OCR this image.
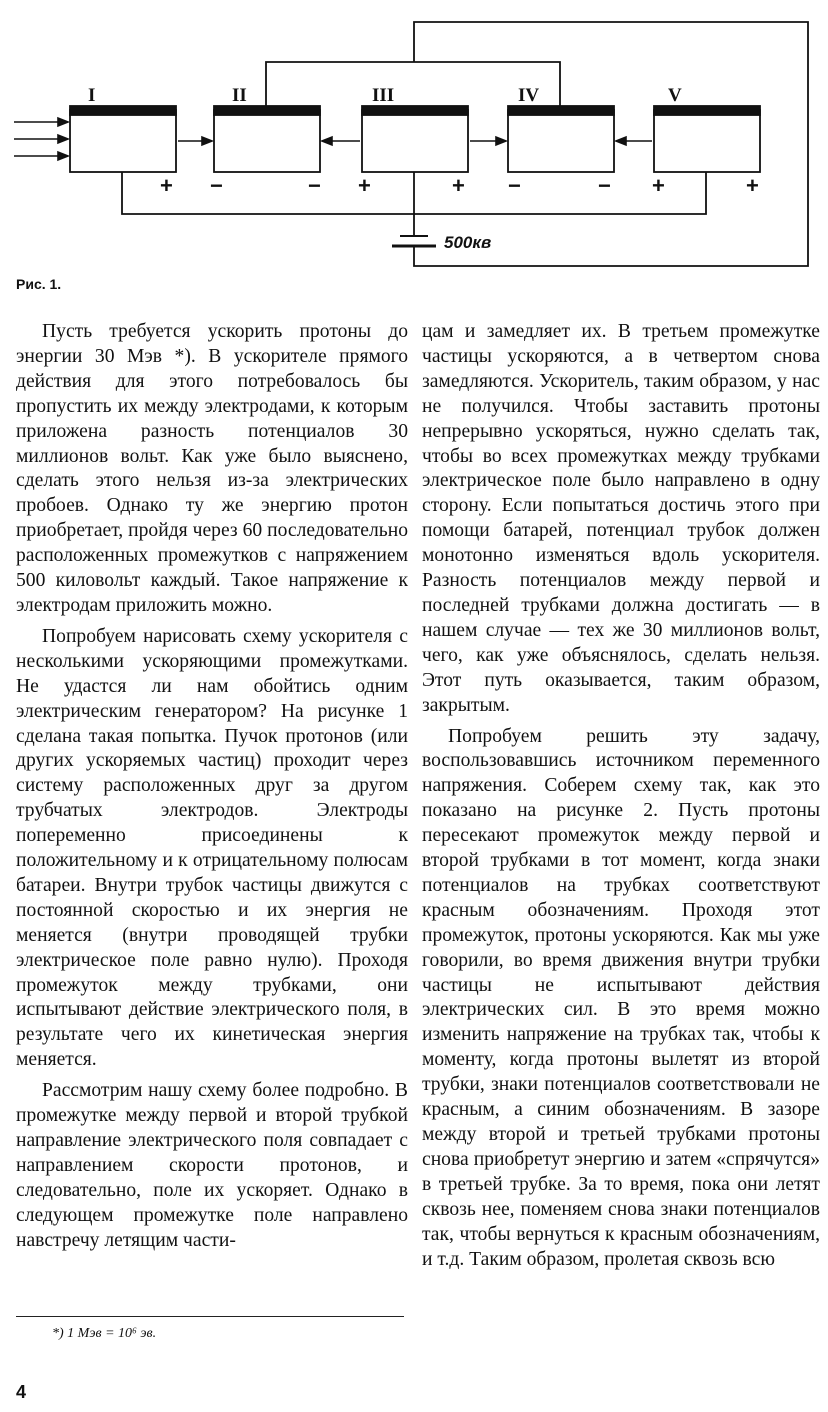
I	II	III	IV	V
+ −	− +	+ −	− +	+
500кв
Рис. 1.

Пусть требуется ускорить протоны до энергии 30 Мэв *). В ускорителе прямого действия для этого потребовалось бы пропустить их между электродами, к которым приложена разность потенциалов 30 миллионов вольт. Как уже было выяснено, сделать этого нельзя из-за электрических пробоев. Однако ту же энергию протон приобретает, пройдя через 60 последовательно расположенных промежутков с напряжением 500 киловольт каждый. Такое напряжение к электродам приложить можно.

Попробуем нарисовать схему ускорителя с несколькими ускоряющими промежутками. Не удастся ли нам обойтись одним электрическим генератором? На рисунке 1 сделана такая попытка. Пучок протонов (или других ускоряемых частиц) проходит через систему расположенных друг за другом трубчатых электродов. Электроды попеременно присоединены к положительному и к отрицательному полюсам батареи. Внутри трубок частицы движутся с постоянной скоростью и их энергия не меняется (внутри проводящей трубки электрическое поле равно нулю). Проходя промежуток между трубками, они испытывают действие электрического поля, в результате чего их кинетическая энергия меняется.

Рассмотрим нашу схему более подробно. В промежутке между первой и второй трубкой направление электрического поля совпадает с направлением скорости протонов, и следовательно, поле их ускоряет. Однако в следующем промежутке поле направлено навстречу летящим части-

цам и замедляет их. В третьем промежутке частицы ускоряются, а в четвертом снова замедляются. Ускоритель, таким образом, у нас не получился. Чтобы заставить протоны непрерывно ускоряться, нужно сделать так, чтобы во всех промежутках между трубками электрическое поле было направлено в одну сторону. Если попытаться достичь этого при помощи батарей, потенциал трубок должен монотонно изменяться вдоль ускорителя. Разность потенциалов между первой и последней трубками должна достигать — в нашем случае — тех же 30 миллионов вольт, чего, как уже объяснялось, сделать нельзя. Этот путь оказывается, таким образом, закрытым.

Попробуем решить эту задачу, воспользовавшись источником переменного напряжения. Соберем схему так, как это показано на рисунке 2. Пусть протоны пересекают промежуток между первой и второй трубками в тот момент, когда знаки потенциалов на трубках соответствуют красным обозначениям. Проходя этот промежуток, протоны ускоряются. Как мы уже говорили, во время движения внутри трубки частицы не испытывают действия электрических сил. В это время можно изменить напряжение на трубках так, чтобы к моменту, когда протоны вылетят из второй трубки, знаки потенциалов соответствовали не красным, а синим обозначениям. В зазоре между второй и третьей трубками протоны снова приобретут энергию и затем «спрячутся» в третьей трубке. За то время, пока они летят сквозь нее, поменяем снова знаки потенциалов так, чтобы вернуться к красным обозначениям, и т.д. Таким образом, пролетая сквозь всю

*) 1 Мэв = 10⁶ эв.
4
